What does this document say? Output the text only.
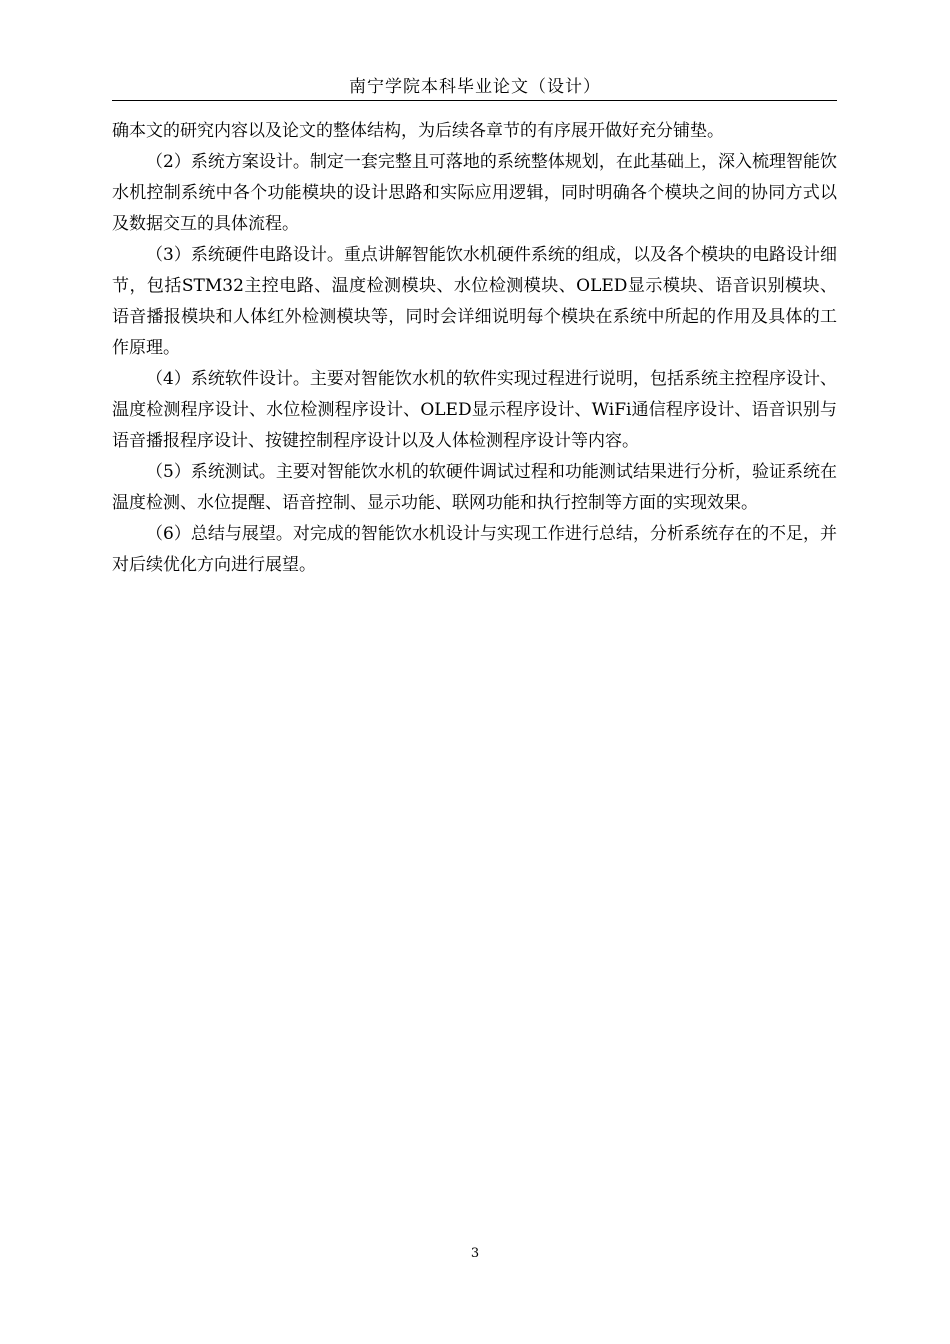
南宁学院本科毕业论文（设计）

确本文的研究内容以及论文的整体结构，为后续各章节的有序展开做好充分铺垫。

（2）系统方案设计。制定一套完整且可落地的系统整体规划，在此基础上，深入梳理智能饮水机控制系统中各个功能模块的设计思路和实际应用逻辑，同时明确各个模块之间的协同方式以及数据交互的具体流程。

（3）系统硬件电路设计。重点讲解智能饮水机硬件系统的组成，以及各个模块的电路设计细节，包括STM32主控电路、温度检测模块、水位检测模块、OLED显示模块、语音识别模块、语音播报模块和人体红外检测模块等，同时会详细说明每个模块在系统中所起的作用及具体的工作原理。

（4）系统软件设计。主要对智能饮水机的软件实现过程进行说明，包括系统主控程序设计、温度检测程序设计、水位检测程序设计、OLED显示程序设计、WiFi通信程序设计、语音识别与语音播报程序设计、按键控制程序设计以及人体检测程序设计等内容。

（5）系统测试。主要对智能饮水机的软硬件调试过程和功能测试结果进行分析，验证系统在温度检测、水位提醒、语音控制、显示功能、联网功能和执行控制等方面的实现效果。

（6）总结与展望。对完成的智能饮水机设计与实现工作进行总结，分析系统存在的不足，并对后续优化方向进行展望。

3
